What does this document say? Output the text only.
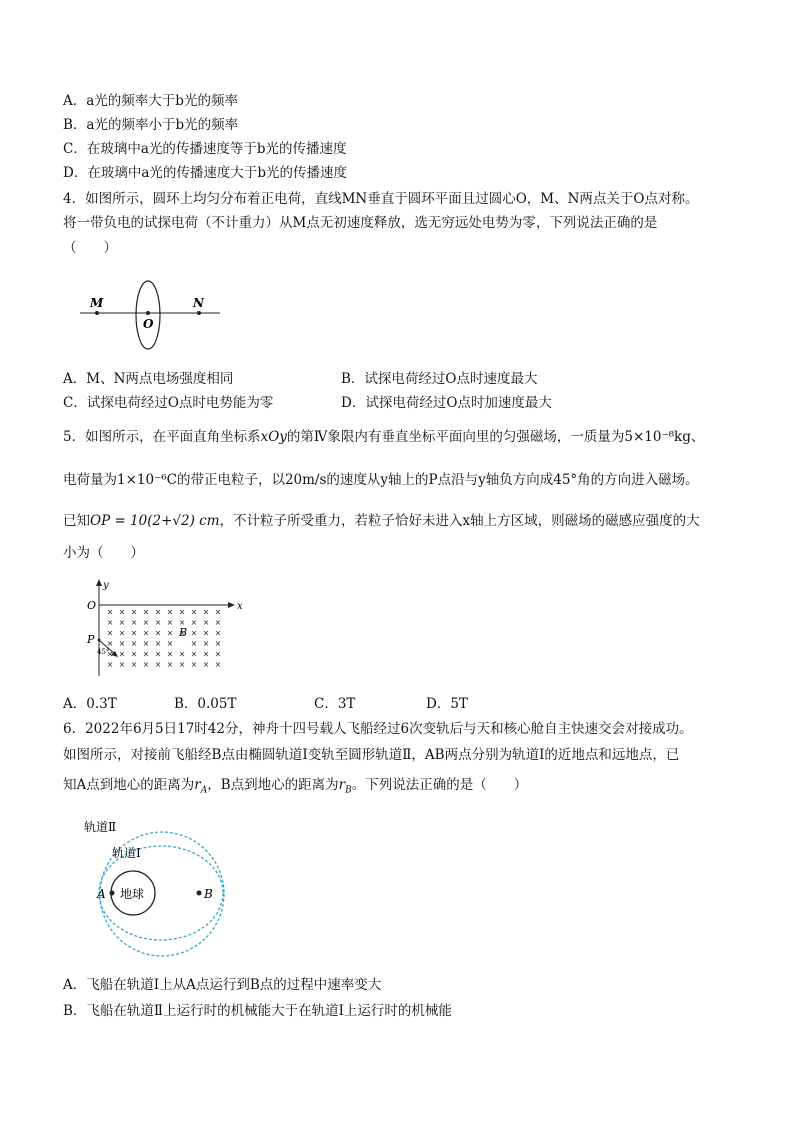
A．a光的频率大于b光的频率
B．a光的频率小于b光的频率
C．在玻璃中a光的传播速度等于b光的传播速度
D．在玻璃中a光的传播速度大于b光的传播速度
4．如图所示，圆环上均匀分布着正电荷，直线MN垂直于圆环平面且过圆心O，M、N两点关于O点对称。
将一带负电的试探电荷（不计重力）从M点无初速度释放，选无穷远处电势为零，下列说法正确的是
（　　）
M
O
N
A．M、N两点电场强度相同	B．试探电荷经过O点时速度最大
C．试探电荷经过O点时电势能为零	D．试探电荷经过O点时加速度最大
5．如图所示，在平面直角坐标系xOy的第Ⅳ象限内有垂直坐标平面向里的匀强磁场，一质量为5×10⁻⁸kg、
电荷量为1×10⁻⁶C的带正电粒子，以20m/s的速度从y轴上的P点沿与y轴负方向成45°角的方向进入磁场。
已知OP = 10(2+√2) cm，不计粒子所受重力，若粒子恰好未进入x轴上方区域，则磁场的磁感应强度的大
小为（　　）
y
O	x
P
B
45°
A．0.3T	B．0.05T	C．3T	D．5T
6．2022年6月5日17时42分，神舟十四号载人飞船经过6次变轨后与天和核心舱自主快速交会对接成功。
如图所示，对接前飞船经B点由椭圆轨道Ⅰ变轨至圆形轨道Ⅱ，AB两点分别为轨道Ⅰ的近地点和远地点，已
知A点到地心的距离为$r_A$，B点到地心的距离为$r_B$。下列说法正确的是（　　）
轨道Ⅱ
轨道Ⅰ
地球
A	B
A．飞船在轨道Ⅰ上从A点运行到B点的过程中速率变大
B．飞船在轨道Ⅱ上运行时的机械能大于在轨道Ⅰ上运行时的机械能
